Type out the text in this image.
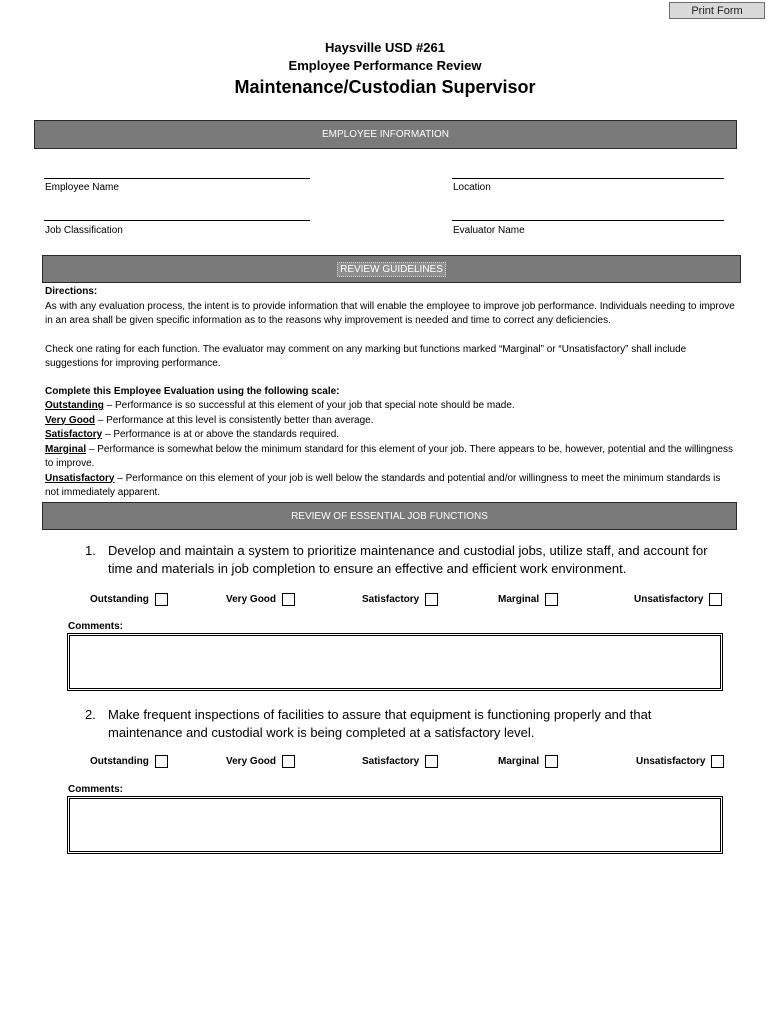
Print Form
Haysville USD #261
Employee Performance Review
Maintenance/Custodian Supervisor
EMPLOYEE INFORMATION
Employee Name	Location
Job Classification	Evaluator Name
REVIEW GUIDELINES
Directions:
As with any evaluation process, the intent is to provide information that will enable the employee to improve job performance. Individuals needing to improve in an area shall be given specific information as to the reasons why improvement is needed and time to correct any deficiencies.
Check one rating for each function. The evaluator may comment on any marking but functions marked “Marginal” or “Unsatisfactory” shall include suggestions for improving performance.
Complete this Employee Evaluation using the following scale:
Outstanding – Performance is so successful at this element of your job that special note should be made.
Very Good – Performance at this level is consistently better than average.
Satisfactory – Performance is at or above the standards required.
Marginal – Performance is somewhat below the minimum standard for this element of your job. There appears to be, however, potential and the willingness to improve.
Unsatisfactory – Performance on this element of your job is well below the standards and potential and/or willingness to meet the minimum standards is not immediately apparent.
REVIEW OF ESSENTIAL JOB FUNCTIONS
1. Develop and maintain a system to prioritize maintenance and custodial jobs, utilize staff, and account for time and materials in job completion to ensure an effective and efficient work environment.
Outstanding	Very Good	Satisfactory	Marginal	Unsatisfactory
Comments:
2. Make frequent inspections of facilities to assure that equipment is functioning properly and that maintenance and custodial work is being completed at a satisfactory level.
Outstanding	Very Good	Satisfactory	Marginal	Unsatisfactory
Comments:
